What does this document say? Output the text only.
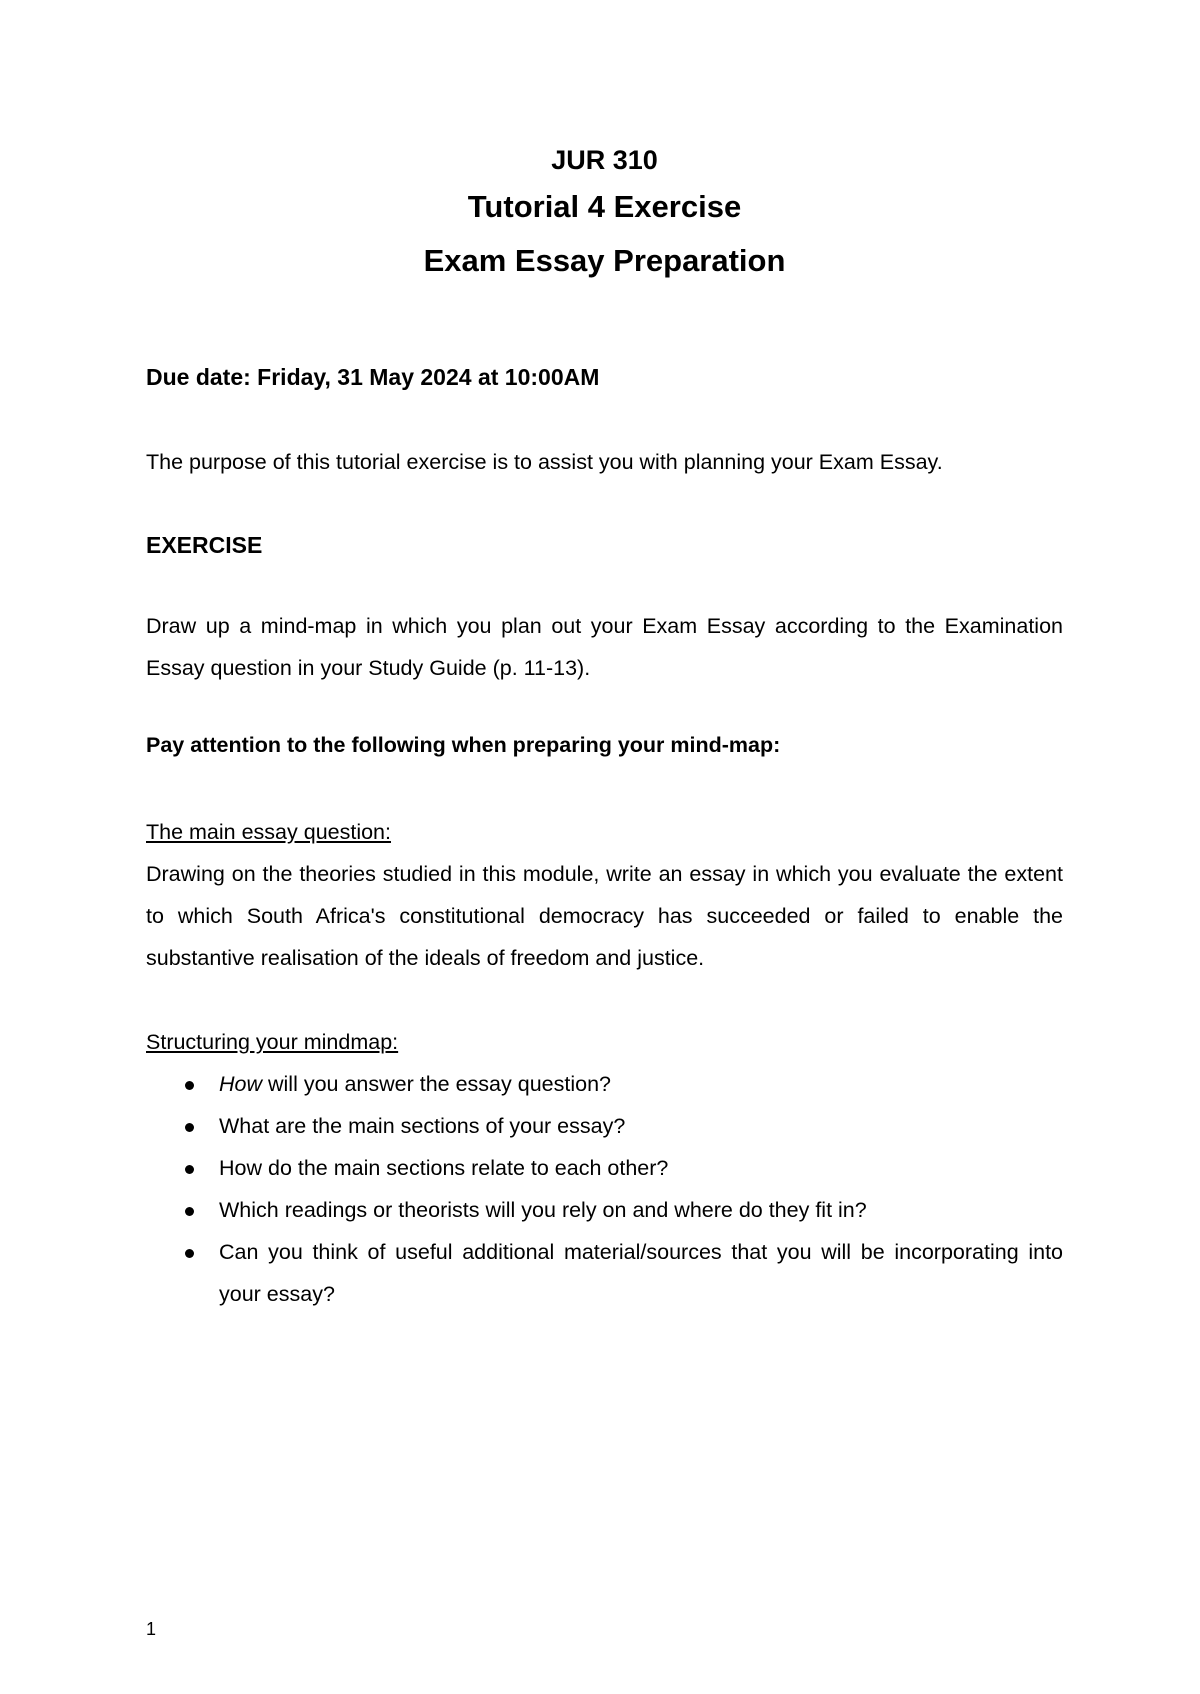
JUR 310
Tutorial 4 Exercise
Exam Essay Preparation
Due date: Friday, 31 May 2024 at 10:00AM

The purpose of this tutorial exercise is to assist you with planning your Exam Essay.

EXERCISE

Draw up a mind-map in which you plan out your Exam Essay according to the Examination Essay question in your Study Guide (p. 11-13).

Pay attention to the following when preparing your mind-map:

The main essay question:

Drawing on the theories studied in this module, write an essay in which you evaluate the extent to which South Africa's constitutional democracy has succeeded or failed to enable the substantive realisation of the ideals of freedom and justice.

Structuring your mindmap:

How will you answer the essay question?
What are the main sections of your essay?
How do the main sections relate to each other?
Which readings or theorists will you rely on and where do they fit in?
Can you think of useful additional material/sources that you will be incorporating into your essay?
1
